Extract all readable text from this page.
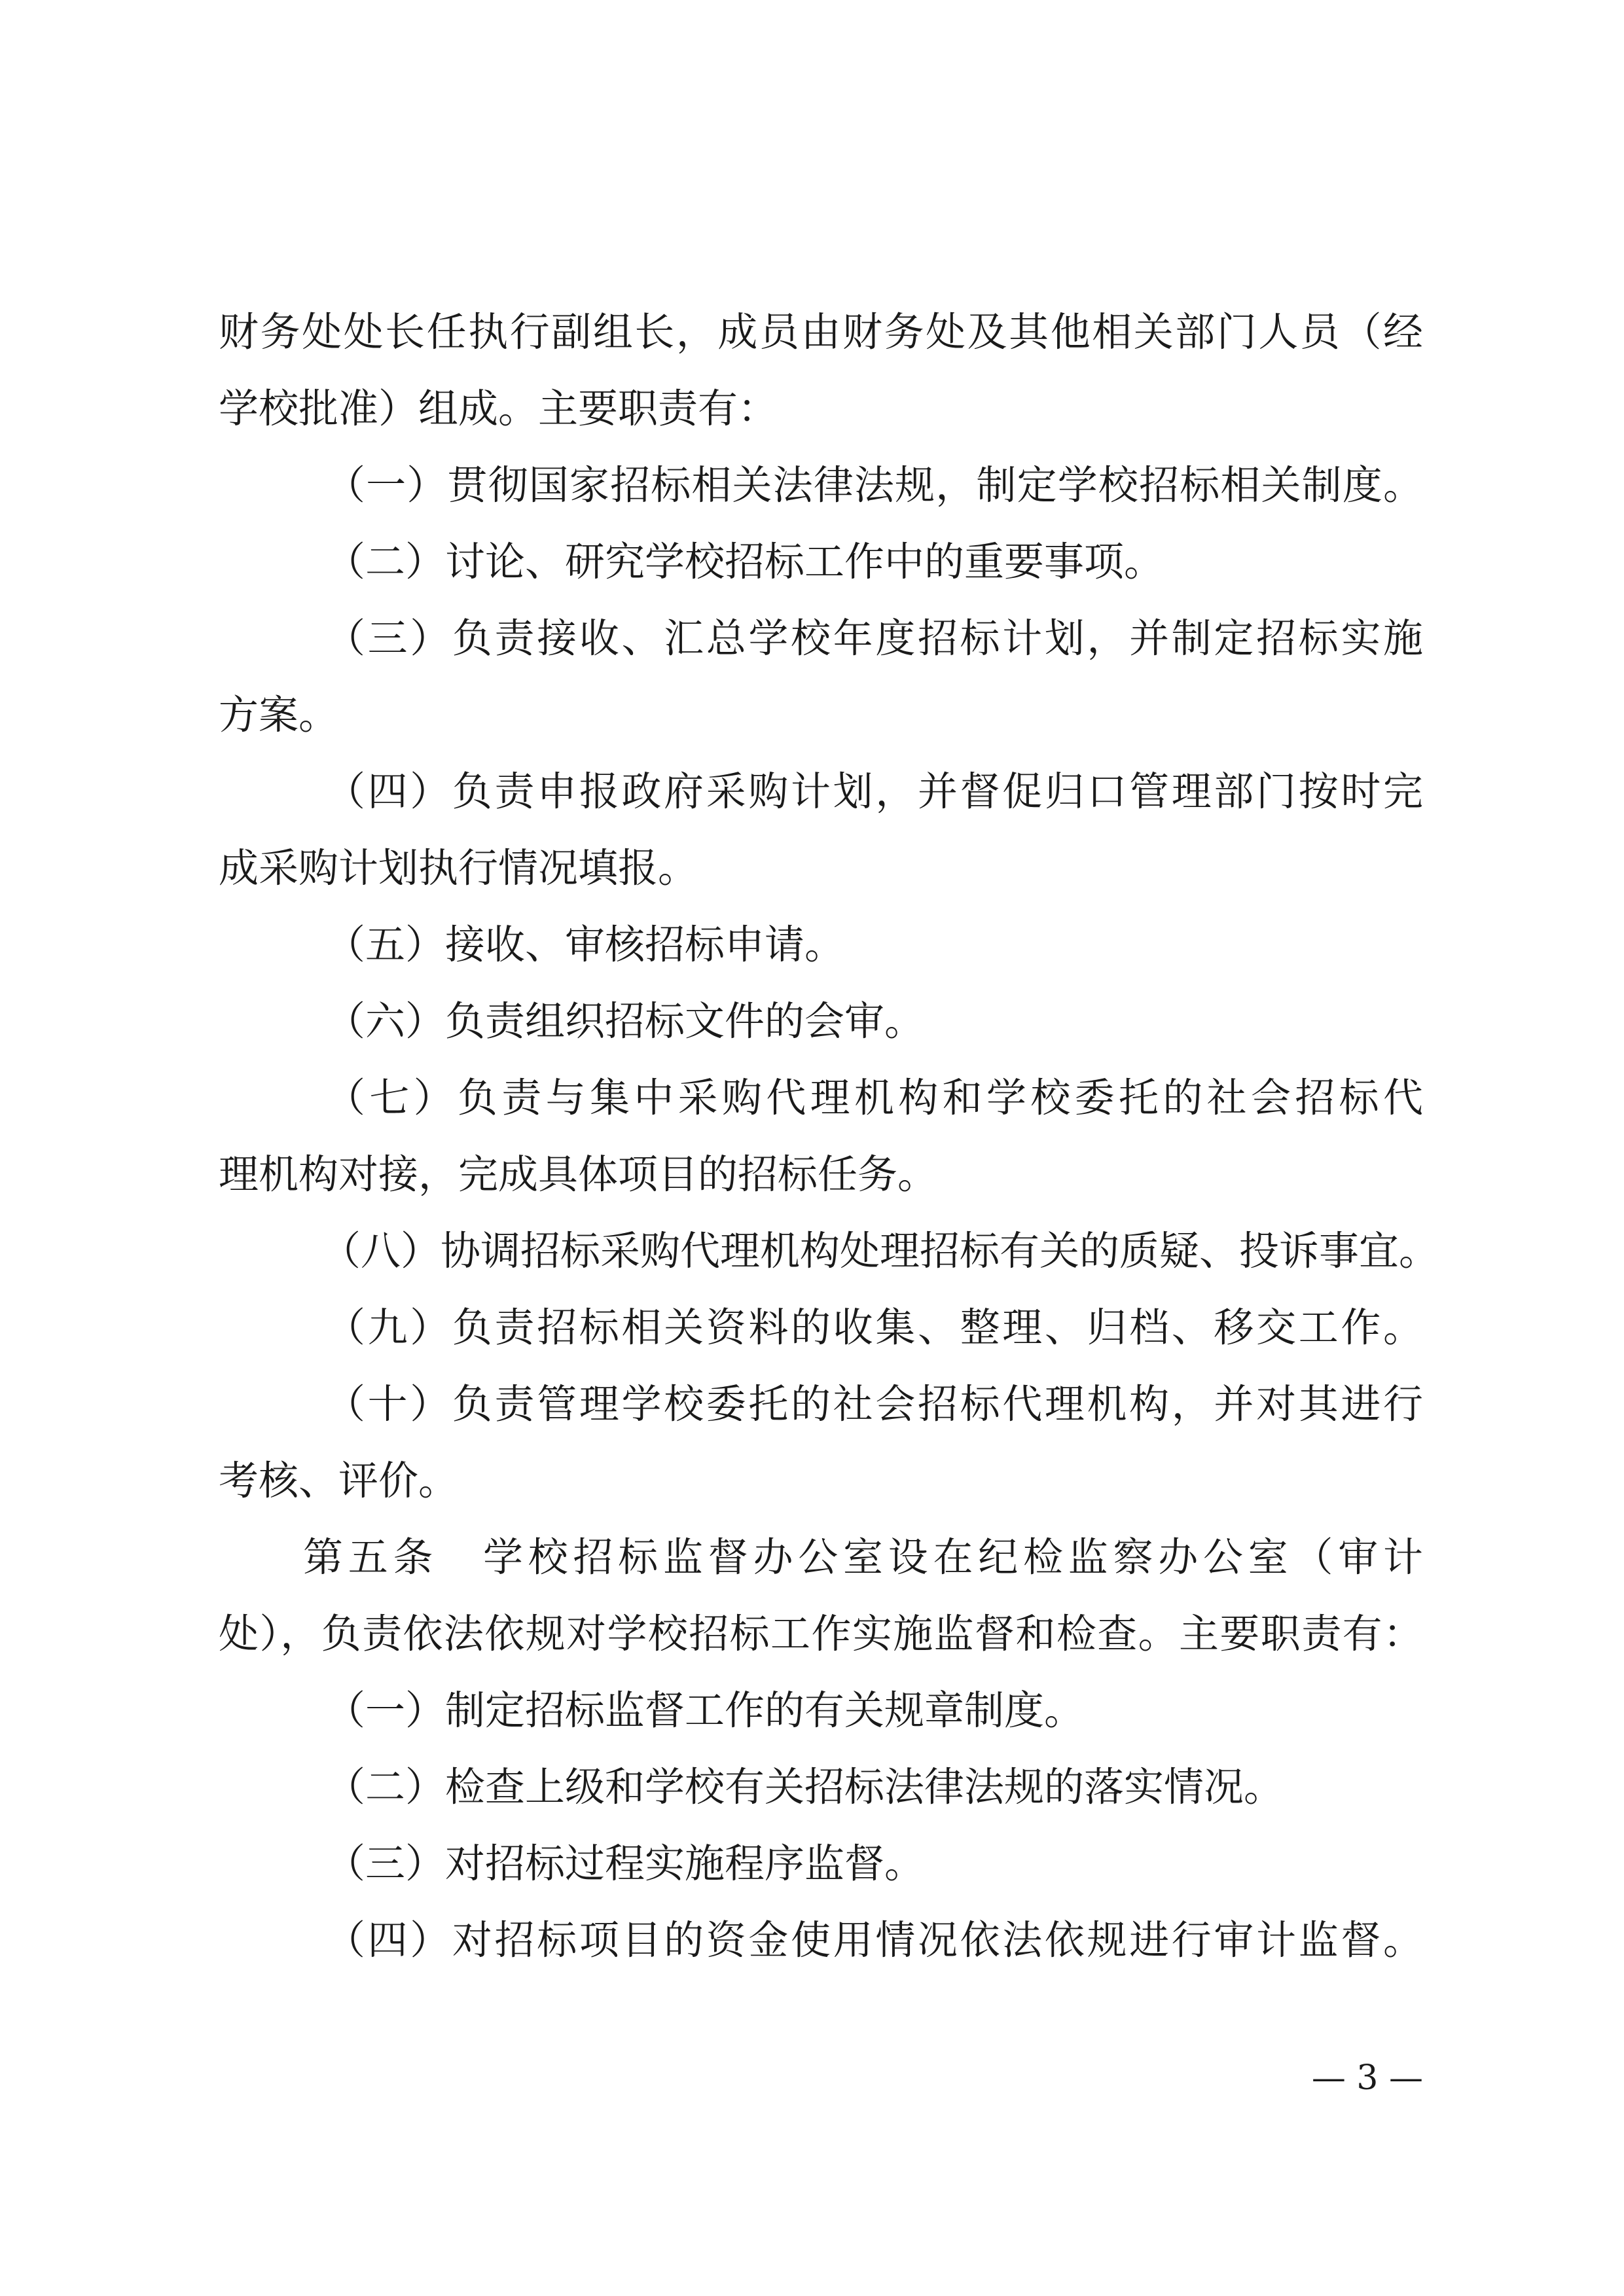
财务处处长任执行副组长，成员由财务处及其他相关部门人员（经
学校批准）组成。主要职责有：
（一）贯彻国家招标相关法律法规，制定学校招标相关制度。
（二）讨论、研究学校招标工作中的重要事项。
（三）负责接收、汇总学校年度招标计划，并制定招标实施
方案。
（四）负责申报政府采购计划，并督促归口管理部门按时完
成采购计划执行情况填报。
（五）接收、审核招标申请。
（六）负责组织招标文件的会审。
（七）负责与集中采购代理机构和学校委托的社会招标代
理机构对接，完成具体项目的招标任务。
（八）协调招标采购代理机构处理招标有关的质疑、投诉事宜。
（九）负责招标相关资料的收集、整理、归档、移交工作。
（十）负责管理学校委托的社会招标代理机构，并对其进行
考核、评价。
第五条　学校招标监督办公室设在纪检监察办公室（审计
处），负责依法依规对学校招标工作实施监督和检查。主要职责有：
（一）制定招标监督工作的有关规章制度。
（二）检查上级和学校有关招标法律法规的落实情况。
（三）对招标过程实施程序监督。
（四）对招标项目的资金使用情况依法依规进行审计监督。
— 3 —
